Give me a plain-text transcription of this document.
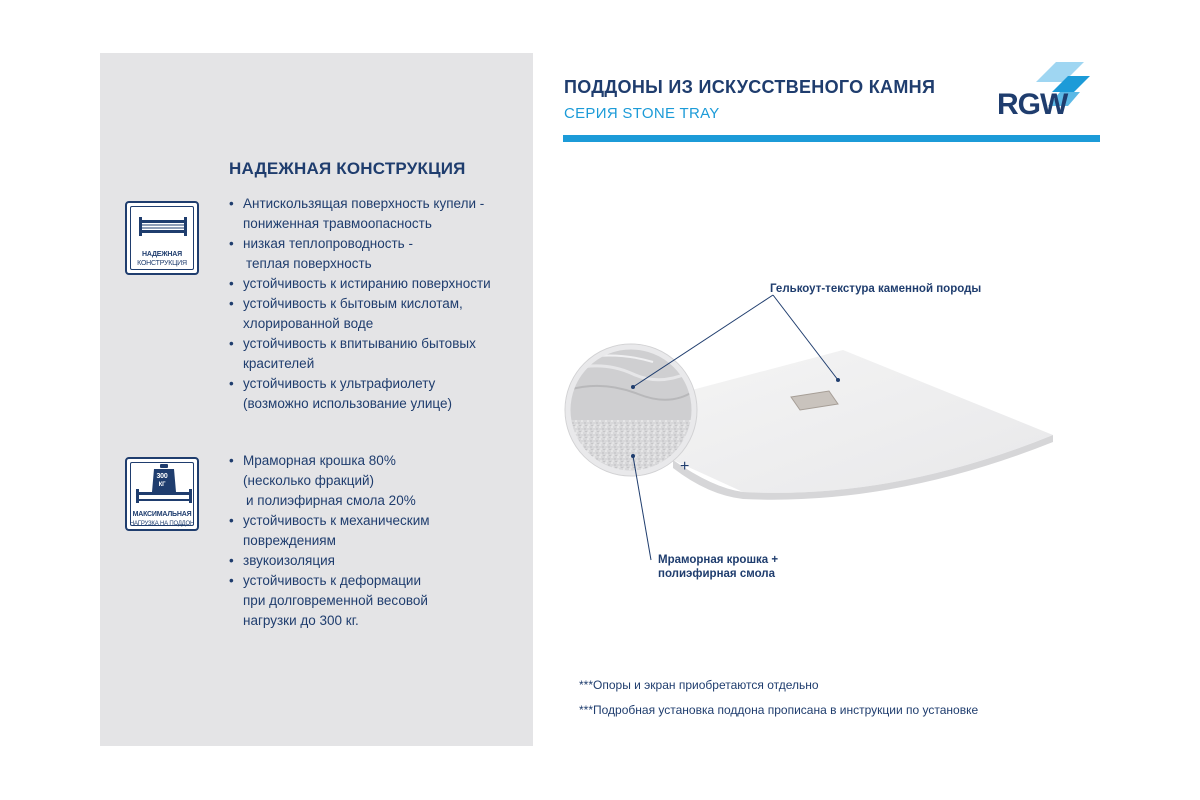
НАДЕЖНАЯ КОНСТРУКЦИЯ
НАДЕЖНАЯ
КОНСТРУКЦИЯ
• Антискользящая поверхность купели -
пониженная травмоопасность
• низкая теплопроводность -
теплая поверхность
• устойчивость к истиранию поверхности
• устойчивость к бытовым кислотам,
хлорированной воде
• устойчивость к впитыванию бытовых
красителей
• устойчивость к ультрафиолету
(возможно использование улице)
300
КГ
МАКСИМАЛЬНАЯ
НАГРУЗКА НА ПОДДОН
• Мраморная крошка 80%
(несколько фракций)
и полиэфирная смола 20%
• устойчивость к механическим
повреждениям
• звукоизоляция
• устойчивость к деформации
при долговременной весовой
нагрузки до 300 кг.
ПОДДОНЫ ИЗ ИСКУССТВЕНОГО КАМНЯ
СЕРИЯ STONE TRAY	RGW
Гелькоут-текстура каменной породы
Мраморная крошка +
полиэфирная смола
+

***Опоры и экран приобретаются отдельно

***Подробная установка поддона прописана в инструкции по установке
